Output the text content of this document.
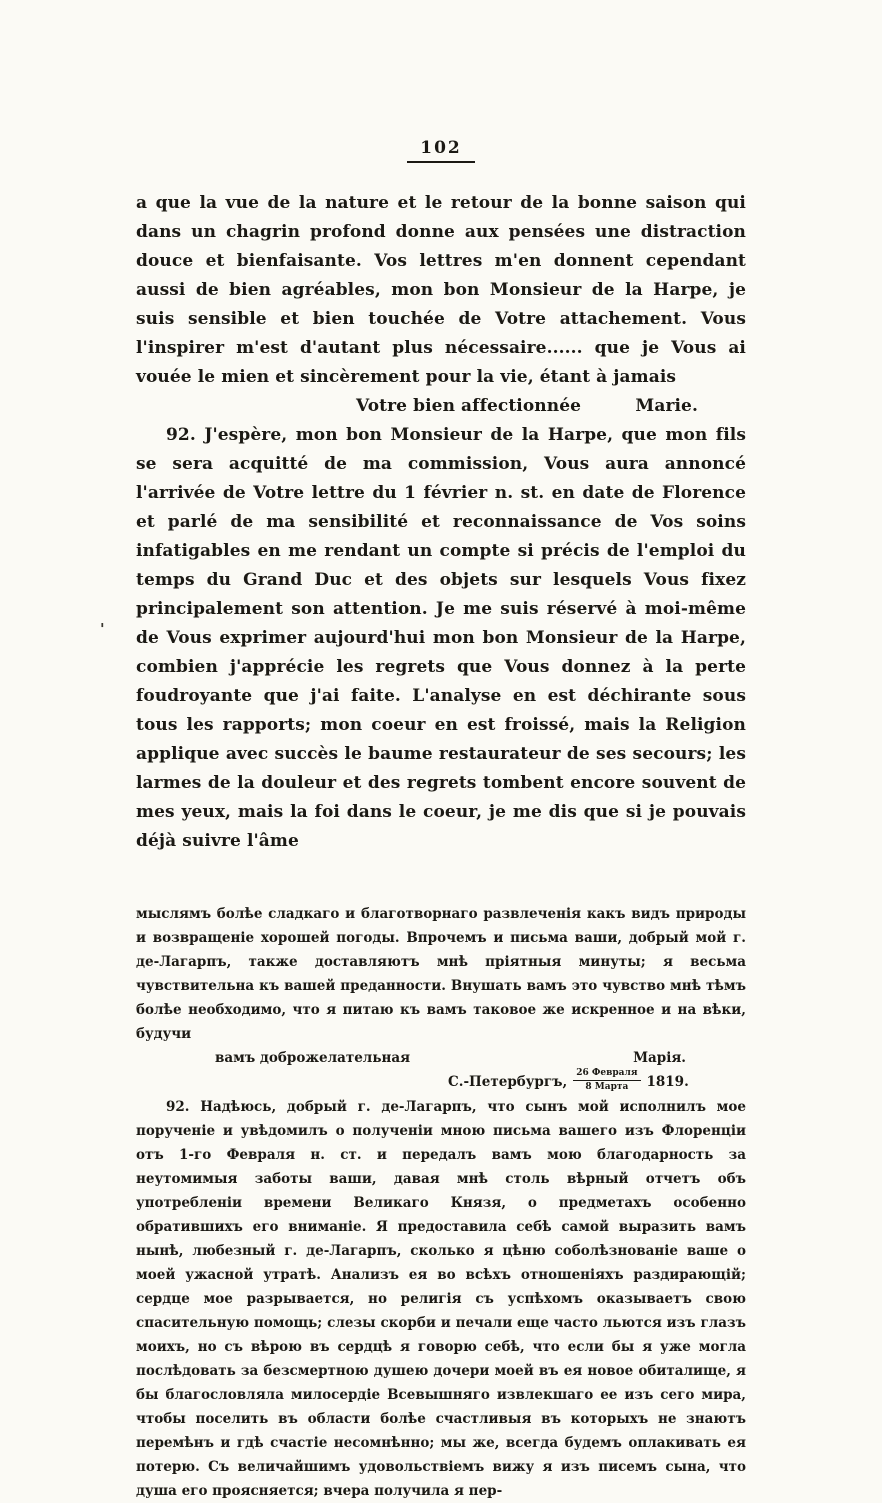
'
102

a que la vue de la nature et le retour de la bonne saison qui dans un chagrin profond donne aux pensées une distraction douce et bienfaisante. Vos lettres m'en donnent cependant aussi de bien agréables, mon bon Monsieur de la Harpe, je suis sensible et bien touchée de Votre attachement. Vous l'inspirer m'est d'autant plus nécessaire...... que je Vous ai vouée le mien et sincèrement pour la vie, étant à jamais

Votre bien affectionnée	Marie.

92. J'espère, mon bon Monsieur de la Harpe, que mon fils se sera acquitté de ma commission, Vous aura annoncé l'arrivée de Votre lettre du 1 février n. st. en date de Florence et parlé de ma sensibilité et reconnaissance de Vos soins infatigables en me rendant un compte si précis de l'emploi du temps du Grand Duc et des objets sur lesquels Vous fixez principalement son attention. Je me suis réservé à moi-même de Vous exprimer aujourd'hui mon bon Monsieur de la Harpe, combien j'apprécie les regrets que Vous donnez à la perte foudroyante que j'ai faite. L'analyse en est déchirante sous tous les rapports; mon coeur en est froissé, mais la Religion applique avec succès le baume restaurateur de ses secours; les larmes de la douleur et des regrets tombent encore souvent de mes yeux, mais la foi dans le coeur, je me dis que si je pouvais déjà suivre l'âme

мыслямъ болѣе сладкаго и благотворнаго развлеченія какъ видъ природы и возвращеніе хорошей погоды. Впрочемъ и письма ваши, добрый мой г. де-Лагарпъ, также доставляютъ мнѣ пріятныя минуты; я весьма чувствительна къ вашей преданности. Внушать вамъ это чувство мнѣ тѣмъ болѣе необходимо, что я питаю къ вамъ таковое же искренное и на вѣки, будучи

вамъ доброжелательная	Марія.
С.-Петербургъ, $\frac{\text{26 Февраля}}{\text{8 Марта}} 1819$.

92. Надѣюсь, добрый г. де-Лагарпъ, что сынъ мой исполнилъ мое порученіе и увѣдомилъ о полученіи мною письма вашего изъ Флоренціи отъ 1-го Февраля н. ст. и передалъ вамъ мою благодарность за неутомимыя заботы ваши, давая мнѣ столь вѣрный отчетъ объ употребленіи времени Великаго Князя, о предметахъ особенно обратившихъ его вниманіе. Я предоставила себѣ самой выразить вамъ нынѣ, любезный г. де-Лагарпъ, сколько я цѣню соболѣзнованіе ваше о моей ужасной утратѣ. Анализъ ея во всѣхъ отношеніяхъ раздирающій; сердце мое разрывается, но религія съ успѣхомъ оказываетъ свою спасительную помощь; слезы скорби и печали еще часто льются изъ глазъ моихъ, но съ вѣрою въ сердцѣ я говорю себѣ, что если бы я уже могла послѣдовать за безсмертною душею дочери моей въ ея новое обиталище, я бы благословляла милосердіе Всевышняго извлекшаго ее изъ сего мира, чтобы поселить въ области болѣе счастливыя въ которыхъ не знаютъ перемѣнъ и гдѣ счастіе несомнѣнно; мы же, всегда будемъ оплакивать ея потерю. Съ величайшимъ удовольствіемъ вижу я изъ писемъ сына, что душа его проясняется; вчера получила я пер-
